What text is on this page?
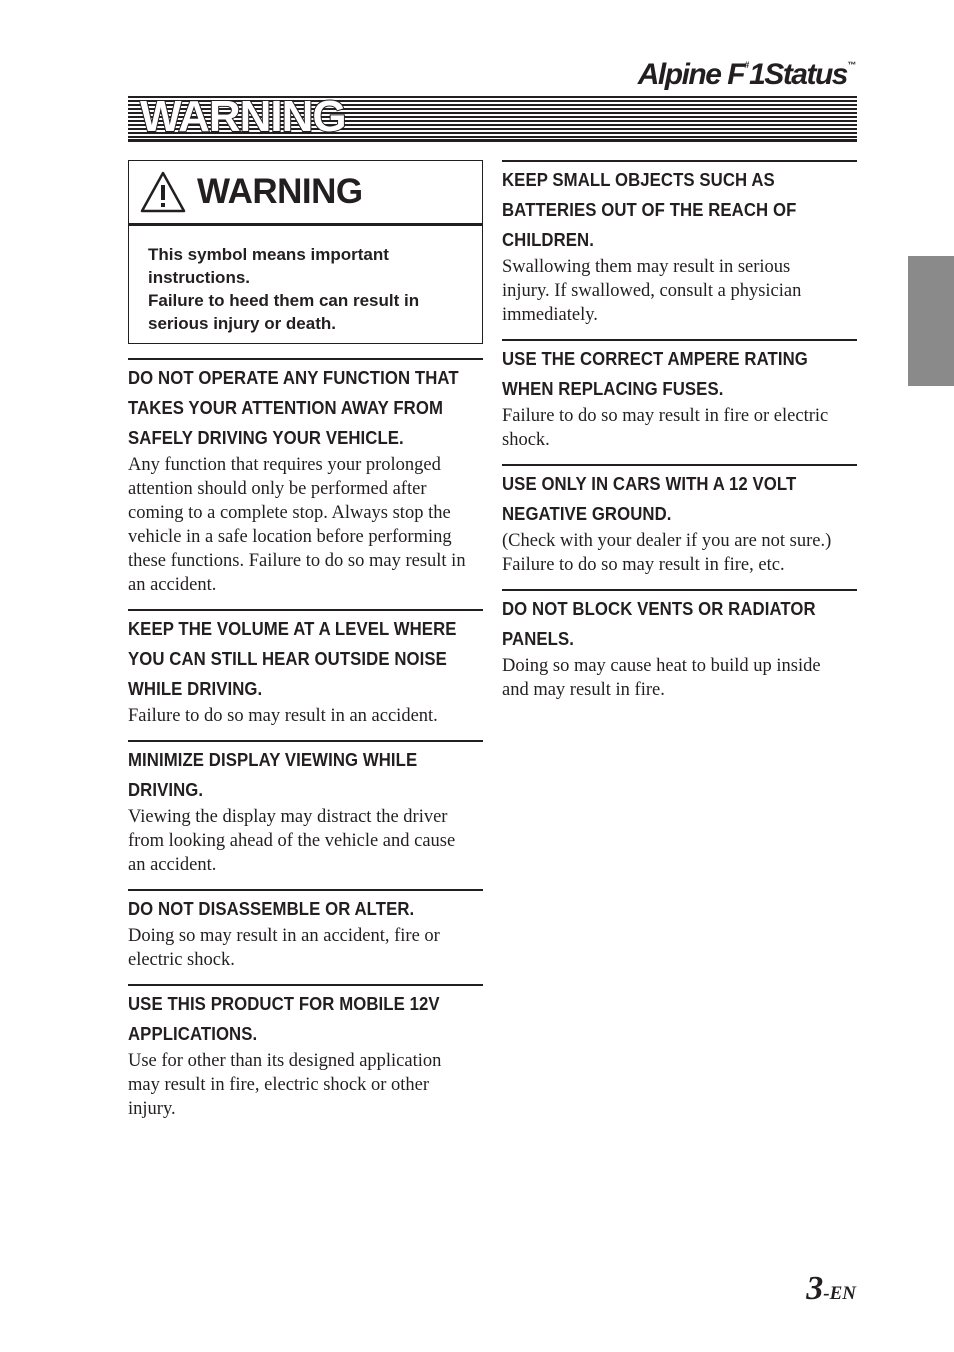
Alpine F#1Status™
WARNING
WARNING
This symbol means important
instructions.
Failure to heed them can result in
serious injury or death.
DO NOT OPERATE ANY FUNCTION THAT
TAKES YOUR ATTENTION AWAY FROM
SAFELY DRIVING YOUR VEHICLE.
Any function that requires your prolonged
attention should only be performed after
coming to a complete stop. Always stop the
vehicle in a safe location before performing
these functions. Failure to do so may result in
an accident.
KEEP THE VOLUME AT A LEVEL WHERE
YOU CAN STILL HEAR OUTSIDE NOISE
WHILE DRIVING.
Failure to do so may result in an accident.
MINIMIZE DISPLAY VIEWING WHILE
DRIVING.
Viewing the display may distract the driver
from looking ahead of the vehicle and cause
an accident.
DO NOT DISASSEMBLE OR ALTER.
Doing so may result in an accident, fire or
electric shock.
USE THIS PRODUCT FOR MOBILE 12V
APPLICATIONS.
Use for other than its designed application
may result in fire, electric shock or other
injury.
KEEP SMALL OBJECTS SUCH AS
BATTERIES OUT OF THE REACH OF
CHILDREN.
Swallowing them may result in serious
injury. If swallowed, consult a physician
immediately.
USE THE CORRECT AMPERE RATING
WHEN REPLACING FUSES.
Failure to do so may result in fire or electric
shock.
USE ONLY IN CARS WITH A 12 VOLT
NEGATIVE GROUND.
(Check with your dealer if you are not sure.)
Failure to do so may result in fire, etc.
DO NOT BLOCK VENTS OR RADIATOR
PANELS.
Doing so may cause heat to build up inside
and may result in fire.
3-EN
